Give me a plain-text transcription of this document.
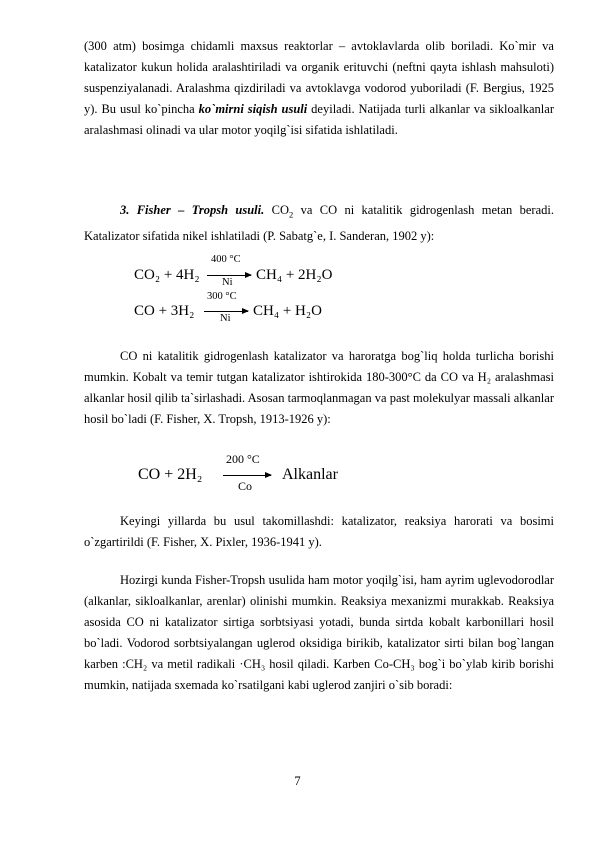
(300 atm) bosimga chidamli maxsus reaktorlar – avtoklavlarda olib boriladi. Ko`mir va katalizator kukun holida aralashtiriladi va organik erituvchi (neftni qayta ishlash mahsuloti) suspenziyalanadi. Aralashma qizdiriladi va avtoklavga vodorod yuboriladi (F. Bergius, 1925 y). Bu usul ko`pincha ko`mirni siqish usuli deyiladi. Natijada turli alkanlar va sikloalkanlar aralashmasi olinadi va ular motor yoqilg`isi sifatida ishlatiladi.
3. Fisher – Tropsh usuli. $CO_2$ va CO ni katalitik gidrogenlash metan beradi. Katalizator sifatida nikel ishlatiladi (P. Sabatg`e, I. Sanderan, 1902 y):
CO₂ + 4H₂
400 °C
Ni CH₄ + 2H₂O
CO + 3H₂
300 °C
Ni CH₄ + H₂O
CO ni katalitik gidrogenlash katalizator va haroratga bog`liq holda turlicha borishi mumkin. Kobalt va temir tutgan katalizator ishtirokida 180-300°C da CO va H₂ aralashmasi alkanlar hosil qilib ta`sirlashadi. Asosan tarmoqlanmagan va past molekulyar massali alkanlar hosil bo`ladi (F. Fisher, X. Tropsh, 1913-1926 y):
CO + 2H₂
200 °C
Co
Alkanlar
Keyingi yillarda bu usul takomillashdi: katalizator, reaksiya harorati va bosimi o`zgartirildi (F. Fisher, X. Pixler, 1936-1941 y).
Hozirgi kunda Fisher-Tropsh usulida ham motor yoqilg`isi, ham ayrim uglevodorodlar (alkanlar, sikloalkanlar, arenlar) olinishi mumkin. Reaksiya mexanizmi murakkab. Reaksiya asosida CO ni katalizator sirtiga sorbtsiyasi yotadi, bunda sirtda kobalt karbonillari hosil bo`ladi. Vodorod sorbtsiyalangan uglerod oksidiga birikib, katalizator sirti bilan bog`langan karben :CH₂ va metil radikali ·CH₃ hosil qiladi. Karben Co-CH₃ bog`i bo`ylab kirib borishi mumkin, natijada sxemada ko`rsatilgani kabi uglerod zanjiri o`sib boradi:
7
